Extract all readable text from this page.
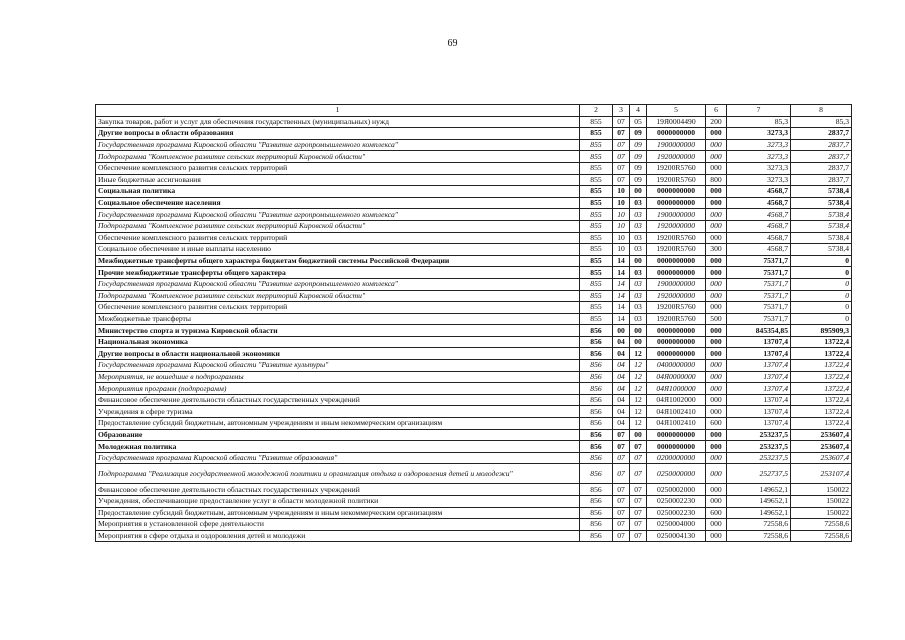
69
1	2	3	4	5	6	7	8
Закупка товаров, работ и услуг для обеспечения государственных (муниципальных) нужд	855	07	05	19Я0004490	200	85,3	85,3
Другие вопросы в области образования	855	07	09	0000000000	000	3273,3	2837,7
Государственная программа Кировской области "Развитие агропромышленного комплекса"	855	07	09	1900000000	000	3273,3	2837,7
Подпрограмма "Комплексное развитие сельских территорий Кировской области"	855	07	09	1920000000	000	3273,3	2837,7
Обеспечение комплексного развития сельских территорий	855	07	09	19200R5760	000	3273,3	2837,7
Иные бюджетные ассигнования	855	07	09	19200R5760	800	3273,3	2837,7
Социальная политика	855	10	00	0000000000	000	4568,7	5738,4
Социальное обеспечение населения	855	10	03	0000000000	000	4568,7	5738,4
Государственная программа Кировской области "Развитие агропромышленного комплекса"	855	10	03	1900000000	000	4568,7	5738,4
Подпрограмма "Комплексное развитие сельских территорий Кировской области"	855	10	03	1920000000	000	4568,7	5738,4
Обеспечение комплексного развития сельских территорий	855	10	03	19200R5760	000	4568,7	5738,4
Социальное обеспечение и иные выплаты населению	855	10	03	19200R5760	300	4568,7	5738,4
Межбюджетные трансферты общего характера бюджетам бюджетной системы Российской Федерации	855	14	00	0000000000	000	75371,7	0
Прочие межбюджетные трансферты общего характера	855	14	03	0000000000	000	75371,7	0
Государственная программа Кировской области "Развитие агропромышленного комплекса"	855	14	03	1900000000	000	75371,7	0
Подпрограмма "Комплексное развитие сельских территорий Кировской области"	855	14	03	1920000000	000	75371,7	0
Обеспечение комплексного развития сельских территорий	855	14	03	19200R5760	000	75371,7	0
Межбюджетные трансферты	855	14	03	19200R5760	500	75371,7	0
Министерство спорта и туризма Кировской области	856	00	00	0000000000	000	845354,85	895909,3
Национальная экономика	856	04	00	0000000000	000	13707,4	13722,4
Другие вопросы в области национальной экономики	856	04	12	0000000000	000	13707,4	13722,4
Государственная программа Кировской области "Развитие культуры"	856	04	12	0400000000	000	13707,4	13722,4
Мероприятия, не вошедшие в подпрограммы	856	04	12	04Я0000000	000	13707,4	13722,4
Мероприятия программ (подпрограмм)	856	04	12	04Я1000000	000	13707,4	13722,4
Финансовое обеспечение деятельности областных государственных учреждений	856	04	12	04Я1002000	000	13707,4	13722,4
Учреждения в сфере туризма	856	04	12	04Я1002410	000	13707,4	13722,4
Предоставление субсидий бюджетным, автономным учреждениям и иным некоммерческим организациям	856	04	12	04Я1002410	600	13707,4	13722,4
Образование	856	07	00	0000000000	000	253237,5	253607,4
Молодежная политика	856	07	07	0000000000	000	253237,5	253607,4
Государственная программа Кировской области "Развитие образования"	856	07	07	0200000000	000	253237,5	253607,4
Подпрограмма "Реализация государственной молодежной политики и организация отдыха и оздоровления детей и молодежи"	856	07	07	0250000000	000	252737,5	253107,4
Финансовое обеспечение деятельности областных государственных учреждений	856	07	07	0250002000	000	149652,1	150022
Учреждения, обеспечивающие предоставление услуг в области молодежной политики	856	07	07	0250002230	000	149652,1	150022
Предоставление субсидий бюджетным, автономным учреждениям и иным некоммерческим организациям	856	07	07	0250002230	600	149652,1	150022
Мероприятия в установленной сфере деятельности	856	07	07	0250004000	000	72558,6	72558,6
Мероприятия в сфере отдыха и оздоровления детей и молодежи	856	07	07	0250004130	000	72558,6	72558,6
